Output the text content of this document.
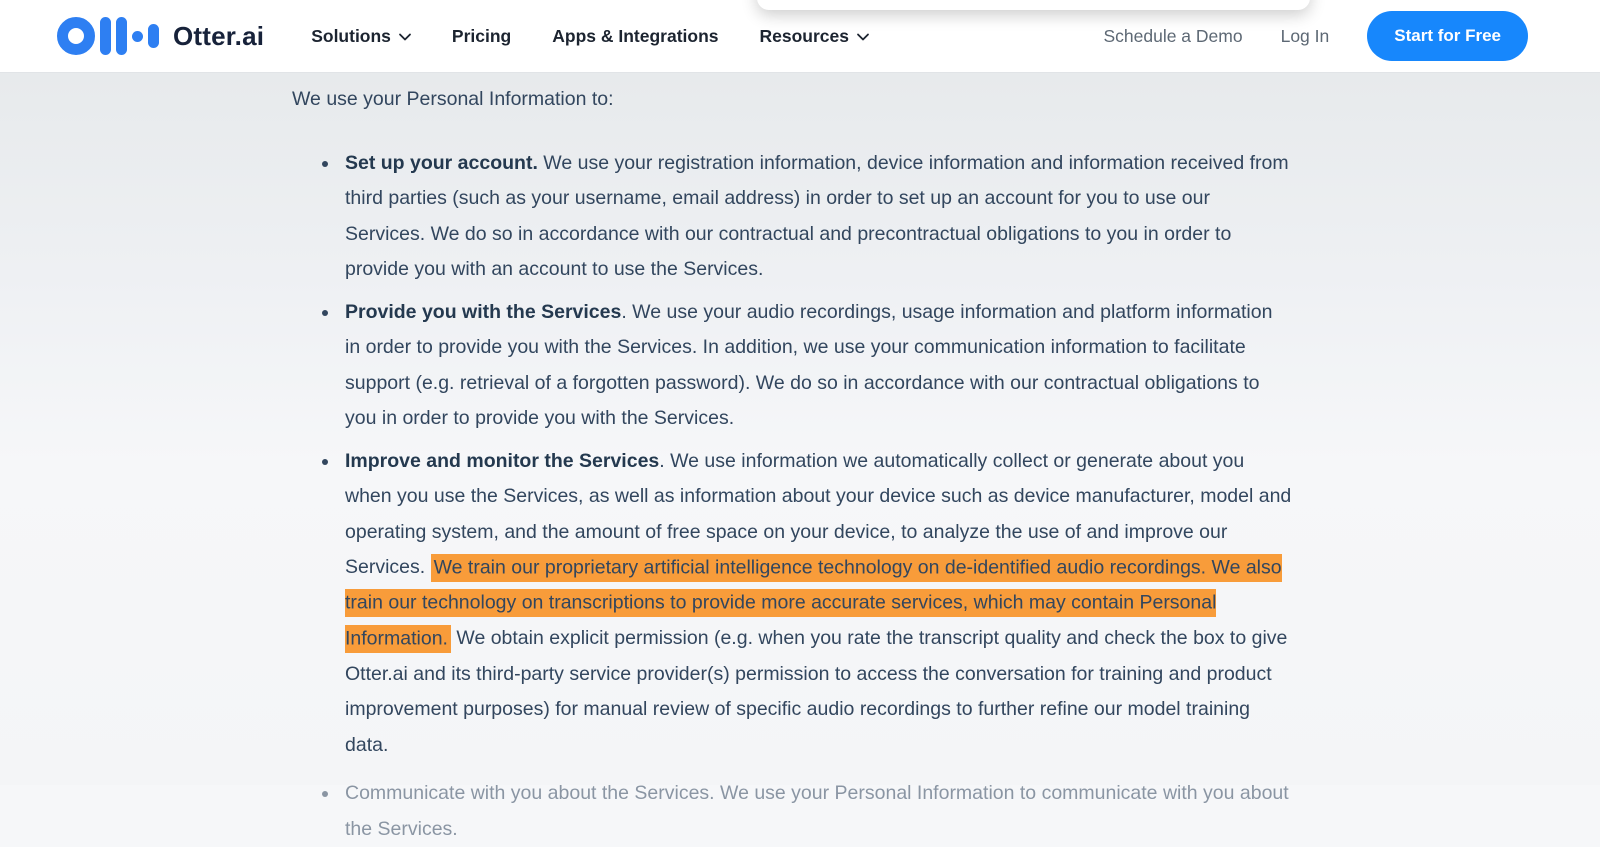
Otter.ai	Solutions	Pricing Apps & Integrations Resources	Schedule a Demo Log In	Start for Free

We use your Personal Information to:

Set up your account. We use your registration information, device information and information received from third parties (such as your username, email address) in order to set up an account for you to use our Services. We do so in accordance with our contractual and precontractual obligations to you in order to provide you with an account to use the Services.
Provide you with the Services. We use your audio recordings, usage information and platform information in order to provide you with the Services. In addition, we use your communication information to facilitate support (e.g. retrieval of a forgotten password). We do so in accordance with our contractual obligations to you in order to provide you with the Services.
Improve and monitor the Services. We use information we automatically collect or generate about you when you use the Services, as well as information about your device such as device manufacturer, model and operating system, and the amount of free space on your device, to analyze the use of and improve our Services. We train our proprietary artificial intelligence technology on de-identified audio recordings. We also train our technology on transcriptions to provide more accurate services, which may contain Personal Information. We obtain explicit permission (e.g. when you rate the transcript quality and check the box to give Otter.ai and its third-party service provider(s) permission to access the conversation for training and product improvement purposes) for manual review of specific audio recordings to further refine our model training data.
Communicate with you about the Services. We use your Personal Information to communicate with you about the Services.
